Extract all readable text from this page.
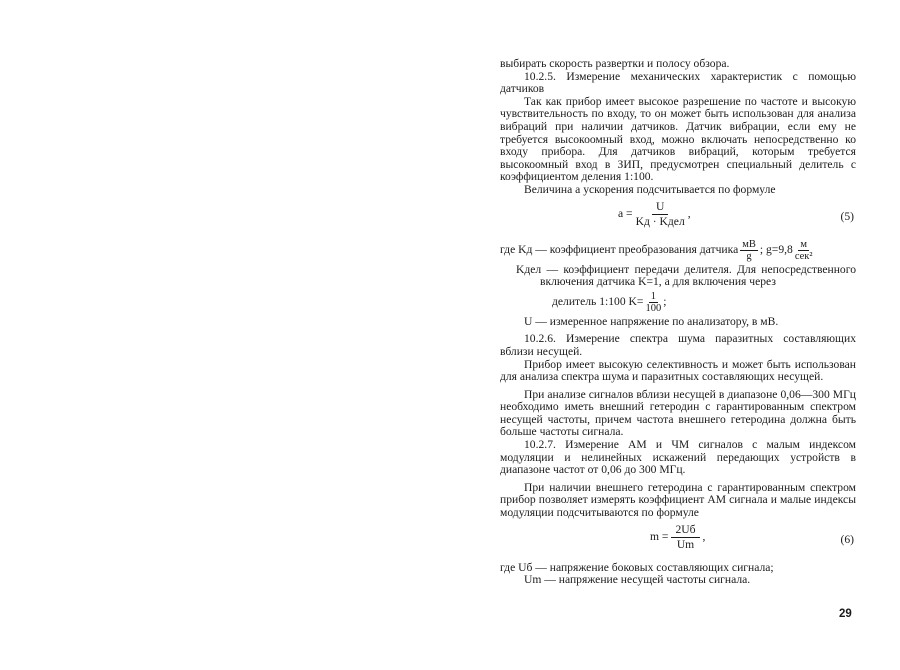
выбирать скорость развертки и полосу обзора.

10.2.5. Измерение механических характеристик с помощью датчиков

Так как прибор имеет высокое разрешение по частоте и высокую чувствительность по входу, то он может быть использован для анализа вибраций при наличии датчиков. Датчик вибрации, если ему не требуется высокоомный вход, можно включать непосредственно ко входу прибора. Для датчиков вибраций, которым требуется высокоомный вход в ЗИП, предусмотрен специальный делитель с коэффициентом деления 1:100.

Величина a ускорения подсчитывается по формуле

$a = \frac{U}{\text{Kд · Kдел}}$ ,	(5)
где Kд — коэффициент преобразования датчика $\frac{мВ}{g}$ ; $g=9,8 \frac{м}{\text{сек²}}$

Kдел — коэффициент передачи делителя. Для непосредственного включения датчика K=1, а для включения через

делитель 1:100 $K= \frac{1}{100}$ ;

U — измеренное напряжение по анализатору, в мВ.

10.2.6. Измерение спектра шума паразитных составляющих вблизи несущей.

Прибор имеет высокую селективность и может быть использован для анализа спектра шума и паразитных составляющих несущей.

При анализе сигналов вблизи несущей в диапазоне 0,06—300 МГц необходимо иметь внешний гетеродин с гарантированным спектром несущей частоты, причем частота внешнего гетеродина должна быть больше частоты сигнала.

10.2.7. Измерение АМ и ЧМ сигналов с малым индексом модуляции и нелинейных искажений передающих устройств в диапазоне частот от 0,06 до 300 МГц.

При наличии внешнего гетеродина с гарантированным спектром прибор позволяет измерять коэффициент АМ сигнала и малые индексы модуляции подсчитываются по формуле

$m = \frac{2Uб}{Um}$ ,	(6)

где Uб — напряжение боковых составляющих сигнала;

Um — напряжение несущей частоты сигнала.

29
